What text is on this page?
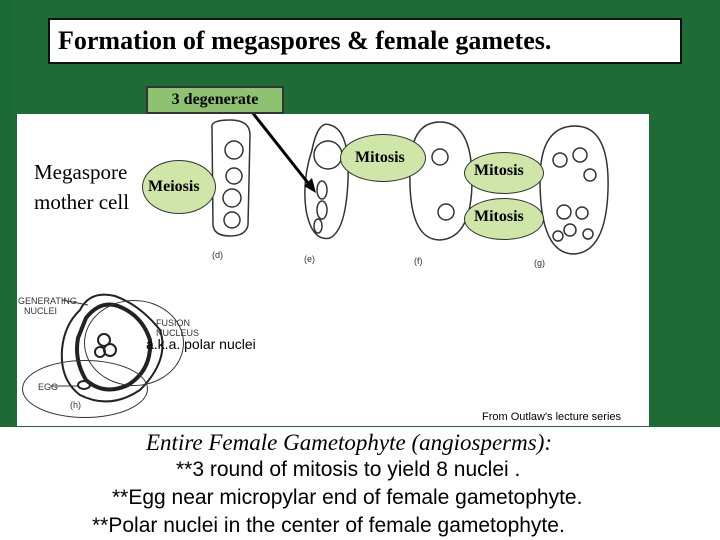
Formation of megaspores & female gametes.
3 degenerate
Megaspore
mother cell
Meiosis
Mitosis
Mitosis
Mitosis
a.k.a. polar nuclei
(d)	(e)	(f)	(g)
(h)
GENERATING
NUCLEI
FUSION
NUCLEUS
EGG
From Outlaw's lecture series
Entire Female Gametophyte (angiosperms):
**3 round of mitosis to yield 8 nuclei .
**Egg near micropylar end of female gametophyte.
**Polar nuclei in the center of female gametophyte.
